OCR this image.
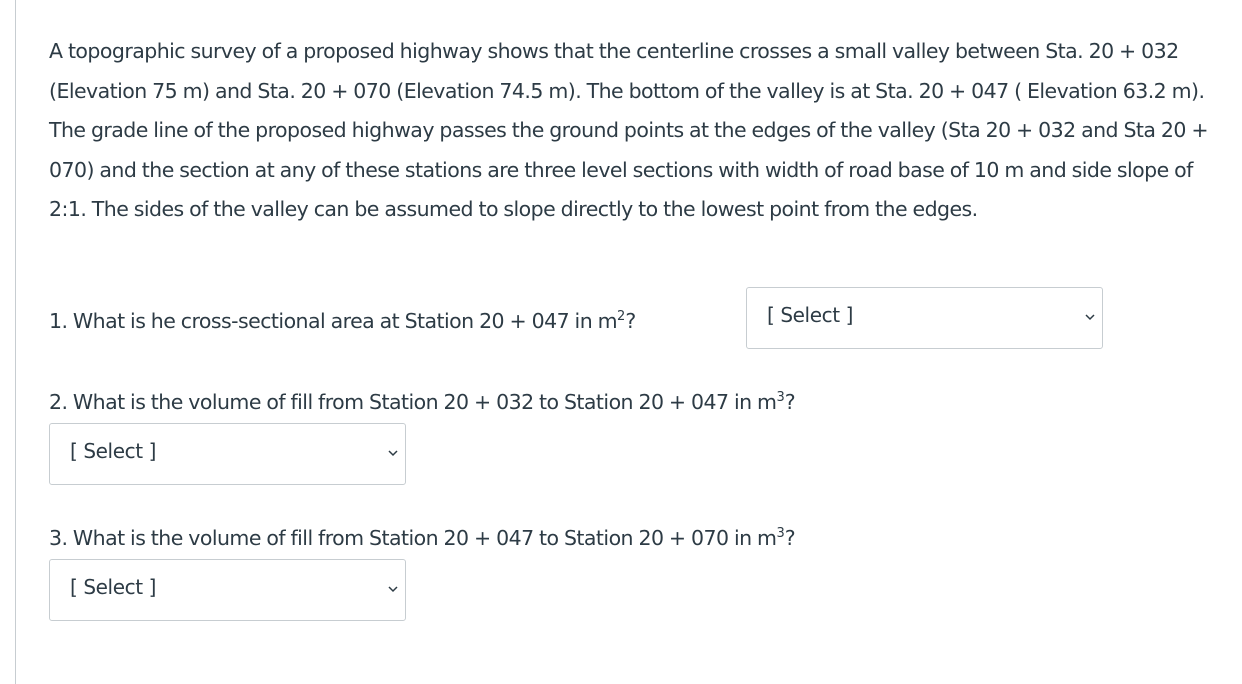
A topographic survey of a proposed highway shows that the centerline crosses a small valley between Sta. 20 + 032 (Elevation 75 m) and Sta. 20 + 070 (Elevation 74.5 m). The bottom of the valley is at Sta. 20 + 047 ( Elevation 63.2 m). The grade line of the proposed highway passes the ground points at the edges of the valley (Sta 20 + 032 and Sta 20 + 070) and the section at any of these stations are three level sections with width of road base of 10 m and side slope of 2:1. The sides of the valley can be assumed to slope directly to the lowest point from the edges.

1. What is he cross-sectional area at Station 20 + 047 in $m^2$?	[ Select ]
2. What is the volume of fill from Station 20 + 032 to Station 20 + 047 in $m^3$?
[ Select ]
3. What is the volume of fill from Station 20 + 047 to Station 20 + 070 in $m^3$?
[ Select ]
